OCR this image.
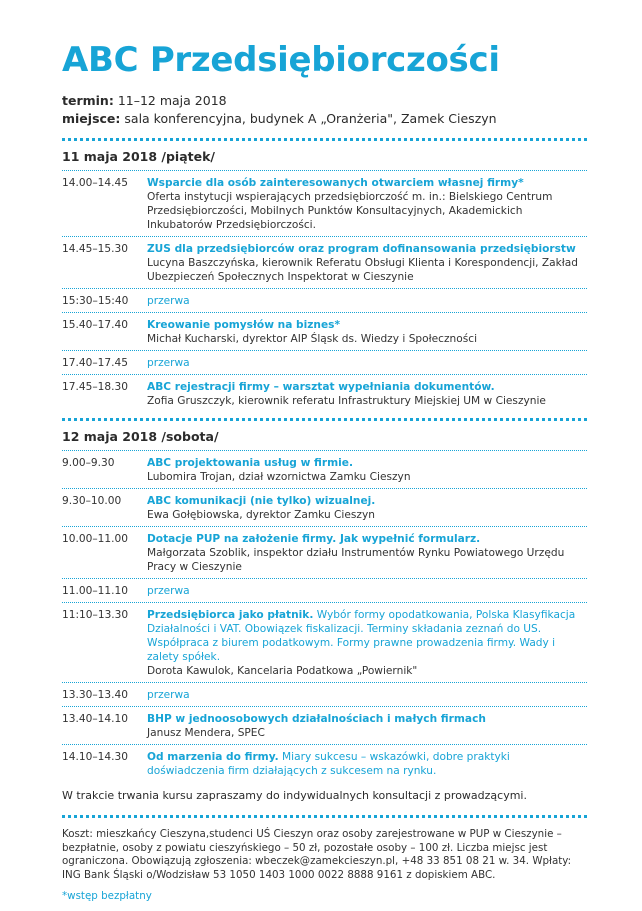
ABC Przedsiębiorczości
termin: 11–12 maja 2018
miejsce: sala konferencyjna, budynek A „Oranżeria", Zamek Cieszyn
11 maja 2018 /piątek/
14.00–14.45	Wsparcie dla osób zainteresowanych otwarciem własnej firmy*
Oferta instytucji wspierających przedsiębiorczość m. in.: Bielskiego Centrum Przedsiębiorczości, Mobilnych Punktów Konsultacyjnych, Akademickich Inkubatorów Przedsiębiorczości.
14.45–15.30	ZUS dla przedsiębiorców oraz program dofinansowania przedsiębiorstw
Lucyna Baszczyńska, kierownik Referatu Obsługi Klienta i Korespondencji, Zakład Ubezpieczeń Społecznych Inspektorat w Cieszynie
15:30–15:40	przerwa
15.40–17.40	Kreowanie pomysłów na biznes*
Michał Kucharski, dyrektor AIP Śląsk ds. Wiedzy i Społeczności
17.40–17.45	przerwa
17.45–18.30	ABC rejestracji firmy – warsztat wypełniania dokumentów.
Zofia Gruszczyk, kierownik referatu Infrastruktury Miejskiej UM w Cieszynie
12 maja 2018 /sobota/
9.00–9.30	ABC projektowania usług w firmie.
Lubomira Trojan, dział wzornictwa Zamku Cieszyn
9.30–10.00	ABC komunikacji (nie tylko) wizualnej.
Ewa Gołębiowska, dyrektor Zamku Cieszyn
10.00–11.00	Dotacje PUP na założenie firmy. Jak wypełnić formularz.
Małgorzata Szoblik, inspektor działu Instrumentów Rynku Powiatowego Urzędu Pracy w Cieszynie
11.00–11.10	przerwa
11:10–13.30	Przedsiębiorca jako płatnik. Wybór formy opodatkowania, Polska Klasyfikacja Działalności i VAT. Obowiązek fiskalizacji. Terminy składania zeznań do US. Współpraca z biurem podatkowym. Formy prawne prowadzenia firmy. Wady i zalety spółek.
Dorota Kawulok, Kancelaria Podatkowa „Powiernik"
13.30–13.40	przerwa
13.40–14.10	BHP w jednoosobowych działalnościach i małych firmach
Janusz Mendera, SPEC
14.10–14.30	Od marzenia do firmy. Miary sukcesu – wskazówki, dobre praktyki doświadczenia firm działających z sukcesem na rynku.
W trakcie trwania kursu zapraszamy do indywidualnych konsultacji z prowadzącymi.
Koszt: mieszkańcy Cieszyna,studenci UŚ Cieszyn oraz osoby zarejestrowane w PUP w Cieszynie – bezpłatnie, osoby z powiatu cieszyńskiego – 50 zł, pozostałe osoby – 100 zł. Liczba miejsc jest ograniczona. Obowiązują zgłoszenia: wbeczek@zamekcieszyn.pl, +48 33 851 08 21 w. 34. Wpłaty: ING Bank Śląski o/Wodzisław 53 1050 1403 1000 0022 8888 9161 z dopiskiem ABC.
*wstęp bezpłatny
